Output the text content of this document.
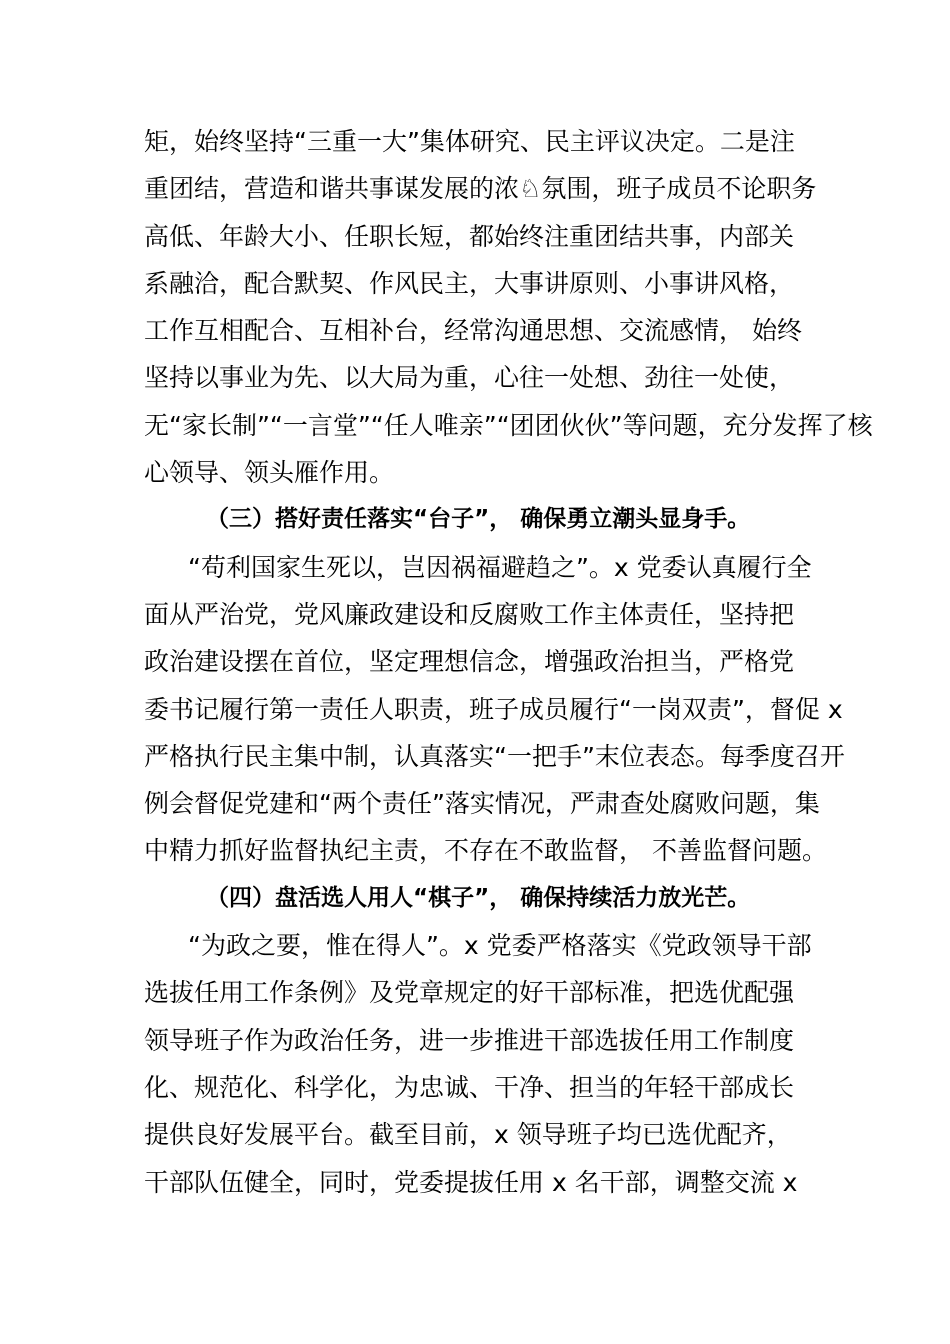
矩，始终坚持“三重一大”集体研究、民主评议决定。二是注
重团结，营造和谐共事谋发展的浓♘氛围，班子成员不论职务
高低、年龄大小、任职长短，都始终注重团结共事，内部关
系融洽，配合默契、作风民主，大事讲原则、小事讲风格，
工作互相配合、互相补台，经常沟通思想、交流感情， 始终
坚持以事业为先、以大局为重，心往一处想、劲往一处使，
无“家长制”“一言堂”“任人唯亲”“团团伙伙”等问题，充分发挥了核
心领导、领头雁作用。
（三）搭好责任落实“台子”， 确保勇立潮头显身手。
“苟利国家生死以，岂因祸福避趋之”。x 党委认真履行全
面从严治党，党风廉政建设和反腐败工作主体责任，坚持把
政治建设摆在首位，坚定理想信念，增强政治担当，严格党
委书记履行第一责任人职责，班子成员履行“一岗双责”，督促 x
严格执行民主集中制，认真落实“一把手”末位表态。每季度召开
例会督促党建和“两个责任”落实情况，严肃查处腐败问题，集
中精力抓好监督执纪主责，不存在不敢监督， 不善监督问题。
（四）盘活选人用人“棋子”， 确保持续活力放光芒。
“为政之要，惟在得人”。x 党委严格落实《党政领导干部
选拔任用工作条例》及党章规定的好干部标准，把选优配强
领导班子作为政治任务，进一步推进干部选拔任用工作制度
化、规范化、科学化，为忠诚、干净、担当的年轻干部成长
提供良好发展平台。截至目前，x 领导班子均已选优配齐，
干部队伍健全，同时，党委提拔任用 x 名干部，调整交流 x
